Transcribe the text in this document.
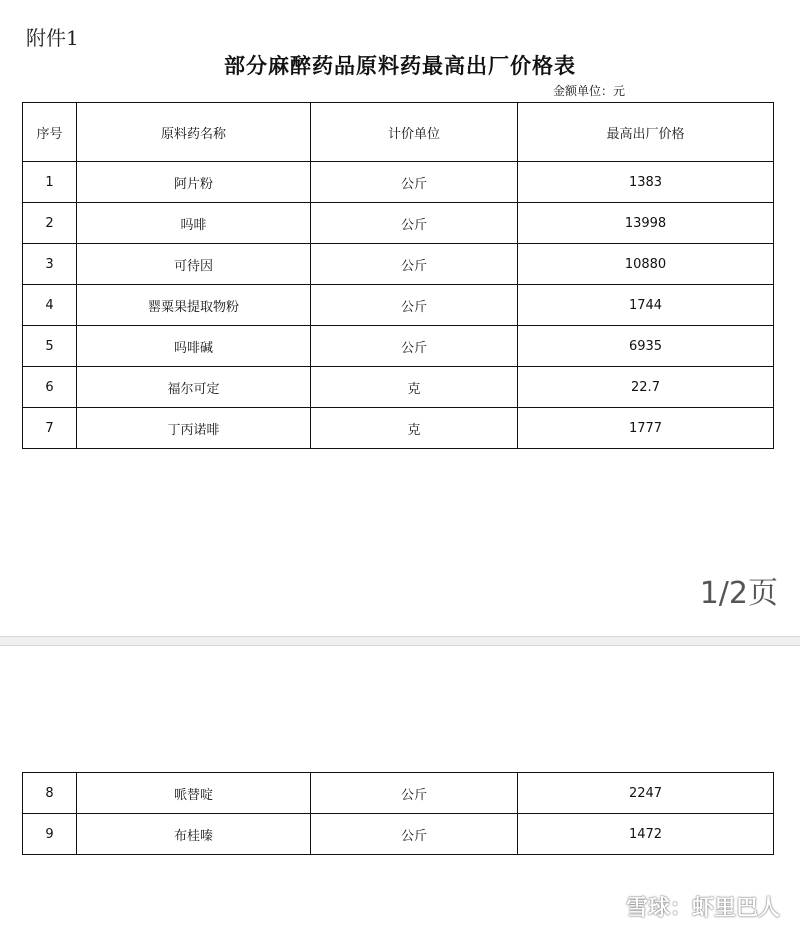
附件1
部分麻醉药品原料药最高出厂价格表
金额单位：元
序号	原料药名称	计价单位	最高出厂价格
1	阿片粉	公斤	1383
2	吗啡	公斤	13998
3	可待因	公斤	10880
4	罂粟果提取物粉	公斤	1744
5	吗啡碱	公斤	6935
6	福尔可定	克	22.7
7	丁丙诺啡	克	1777
1/2页
8	哌替啶	公斤	2247
9	布桂嗪	公斤	1472
雪球：虾里巴人
